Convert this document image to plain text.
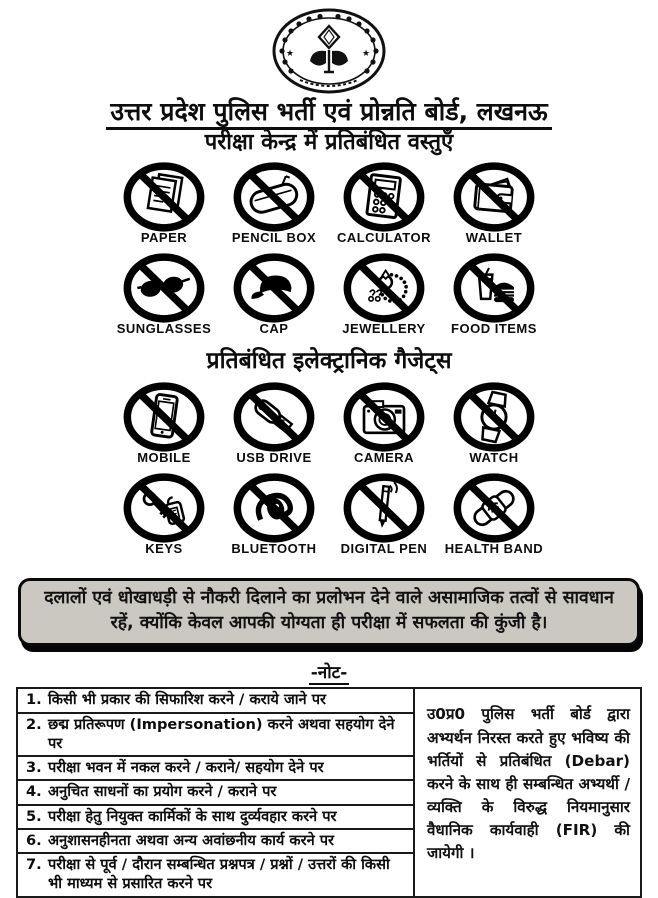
★	★
उत्तर प्रदेश पुलिस भर्ती एवं प्रोन्नति बोर्ड, लखनऊ
परीक्षा केन्द्र में प्रतिबंधित वस्तुएँ
PAPER	PENCIL BOX CALCULATOR	WALLET
SUNGLASSES	CAP	JEWELLERY FOOD ITEMS
प्रतिबंधित इलेक्ट्रानिक गैजेट्स
MOBILE	USB DRIVE	CAMERA	WATCH
KEYS	BLUETOOTH DIGITAL PEN HEALTH BAND

दलालों एवं धोखाधड़ी से नौकरी दिलाने का प्रलोभन देने वाले असामाजिक तत्वों से सावधान रहें, क्योंकि केवल आपकी योग्यता ही परीक्षा में सफलता की कुंजी है।

-नोट-
1. किसी भी प्रकार की सिफारिश करने / कराये जाने पर
2. छद्म प्रतिरूपण (Impersonation) करने अथवा सहयोग देने पर
3. परीक्षा भवन में नकल करने / कराने/ सहयोग देने पर
4. अनुचित साधनों का प्रयोग करने / कराने पर
5. परीक्षा हेतु नियुक्त कार्मिकों के साथ दुर्व्यवहार करने पर
6. अनुशासनहीनता अथवा अन्य अवांछनीय कार्य करने पर
7. परीक्षा से पूर्व / दौरान सम्बन्धित प्रश्नपत्र / प्रश्नों / उत्तरों की किसी भी माध्यम से प्रसारित करने पर

उ0प्र0 पुलिस भर्ती बोर्ड द्वारा अभ्यर्थन निरस्त करते हुए भविष्य की भर्तियों से प्रतिबंधित (Debar) करने के साथ ही सम्बन्धित अभ्यर्थी / व्यक्ति के विरुद्ध नियमानुसार वैधानिक कार्यवाही (FIR) की जायेगी ।
